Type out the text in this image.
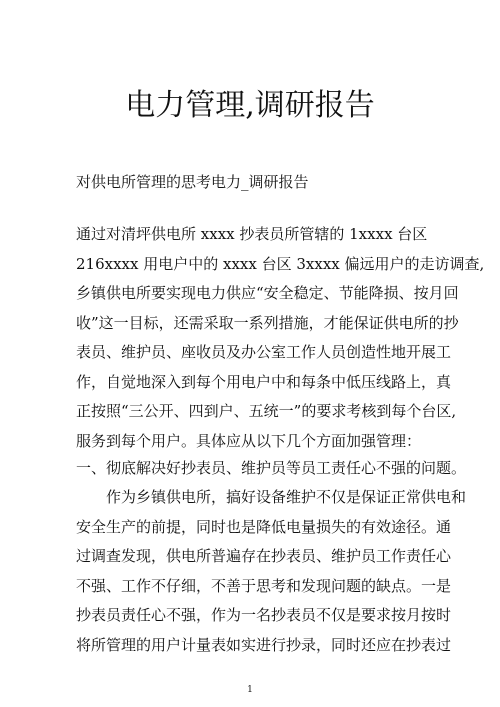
电力管理,调研报告

对供电所管理的思考电力_调研报告

通过对清坪供电所 xxxx 抄表员所管辖的 1xxxx 台区
216xxxx 用电户中的 xxxx 台区 3xxxx 偏远用户的走访调查,
乡镇供电所要实现电力供应“安全稳定、节能降损、按月回
收”这一目标，还需采取一系列措施，才能保证供电所的抄
表员、维护员、座收员及办公室工作人员创造性地开展工
作，自觉地深入到每个用电户中和每条中低压线路上，真
正按照“三公开、四到户、五统一”的要求考核到每个台区,
服务到每个用户。具体应从以下几个方面加强管理：
一、彻底解决好抄表员、维护员等员工责任心不强的问题。
作为乡镇供电所，搞好设备维护不仅是保证正常供电和
安全生产的前提，同时也是降低电量损失的有效途径。通
过调查发现，供电所普遍存在抄表员、维护员工作责任心
不强、工作不仔细，不善于思考和发现问题的缺点。一是
抄表员责任心不强，作为一名抄表员不仅是要求按月按时
将所管理的用户计量表如实进行抄录，同时还应在抄表过

1
